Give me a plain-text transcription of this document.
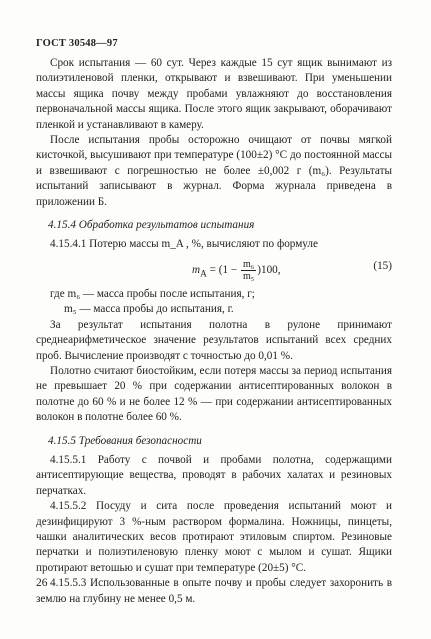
ГОСТ 30548—97

Срок испытания — 60 сут. Через каждые 15 сут ящик вынимают из полиэтиленовой пленки, открывают и взвешивают. При уменьшении массы ящика почву между пробами увлажняют до восстановления первоначальной массы ящика. После этого ящик закрывают, оборачивают пленкой и устанавливают в камеру.

После испытания пробы осторожно очищают от почвы мягкой кисточкой, высушивают при температуре (100±2) °С до постоянной массы и взвешивают с погрешностью не более ±0,002 г (m₆). Результаты испытаний записывают в журнал. Форма журнала приведена в приложении Б.

4.15.4 Обработка результатов испытания

4.15.4.1 Потерю массы m_A , %, вычисляют по формуле

$m_A = (1 - \frac{\text{m₆}}{\text{m₅}} )100$,	(15)

где m₆ — масса пробы после испытания, г;

m₅ — масса пробы до испытания, г.

За результат испытания полотна в рулоне принимают среднеарифметическое значение результатов испытаний всех средних проб. Вычисление производят с точностью до 0,01 %.

Полотно считают биостойким, если потеря массы за период испытания не превышает 20 % при содержании антисептированных волокон в полотне до 60 % и не более 12 % — при содержании антисептированных волокон в полотне более 60 %.

4.15.5 Требования безопасности

4.15.5.1 Работу с почвой и пробами полотна, содержащими антисептирующие вещества, проводят в рабочих халатах и резиновых перчатках.

4.15.5.2 Посуду и сита после проведения испытаний моют и дезинфицируют 3 %-ным раствором формалина. Ножницы, пинцеты, чашки аналитических весов протирают этиловым спиртом. Резиновые перчатки и полиэтиленовую пленку моют с мылом и сушат. Ящики протирают ветошью и сушат при температуре (20±5) °С.

4.15.5.3 Использованные в опыте почву и пробы следует захоронить в землю на глубину не менее 0,5 м.

26
